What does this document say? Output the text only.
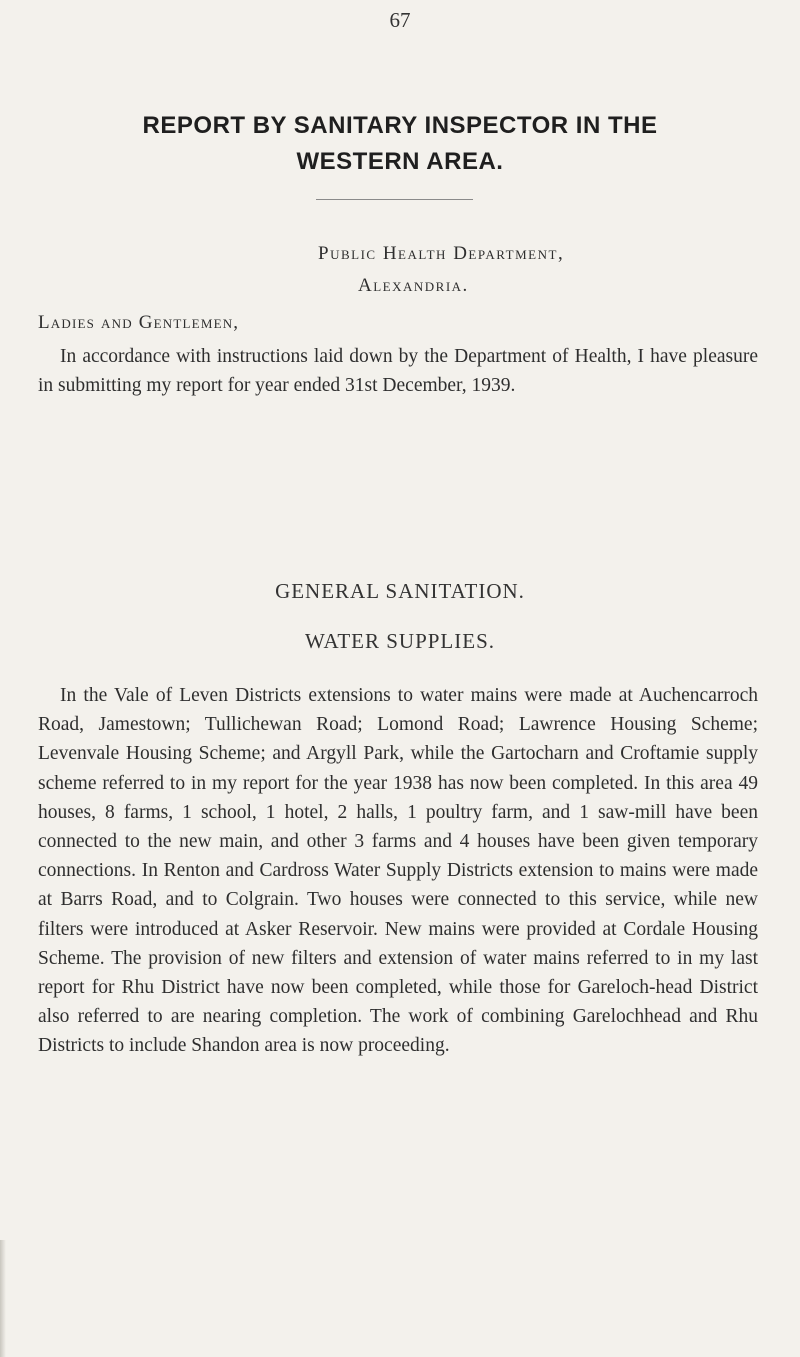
67
REPORT BY SANITARY INSPECTOR IN THE
WESTERN AREA.
Public Health Department,
Alexandria.
Ladies and Gentlemen,

In accordance with instructions laid down by the Department of Health, I have pleasure in submitting my report for year ended 31st December, 1939.

GENERAL SANITATION.
WATER SUPPLIES.

In the Vale of Leven Districts extensions to water mains were made at Auchencarroch Road, Jamestown; Tullichewan Road; Lomond Road; Lawrence Housing Scheme; Levenvale Housing Scheme; and Argyll Park, while the Gartocharn and Croftamie supply scheme referred to in my report for the year 1938 has now been completed. In this area 49 houses, 8 farms, 1 school, 1 hotel, 2 halls, 1 poultry farm, and 1 saw-mill have been connected to the new main, and other 3 farms and 4 houses have been given temporary connections. In Renton and Cardross Water Supply Districts extension to mains were made at Barrs Road, and to Colgrain. Two houses were connected to this service, while new filters were introduced at Asker Reservoir. New mains were provided at Cordale Housing Scheme. The provision of new filters and extension of water mains referred to in my last report for Rhu District have now been completed, while those for Gareloch-head District also referred to are nearing completion. The work of combining Garelochhead and Rhu Districts to include Shandon area is now proceeding.
